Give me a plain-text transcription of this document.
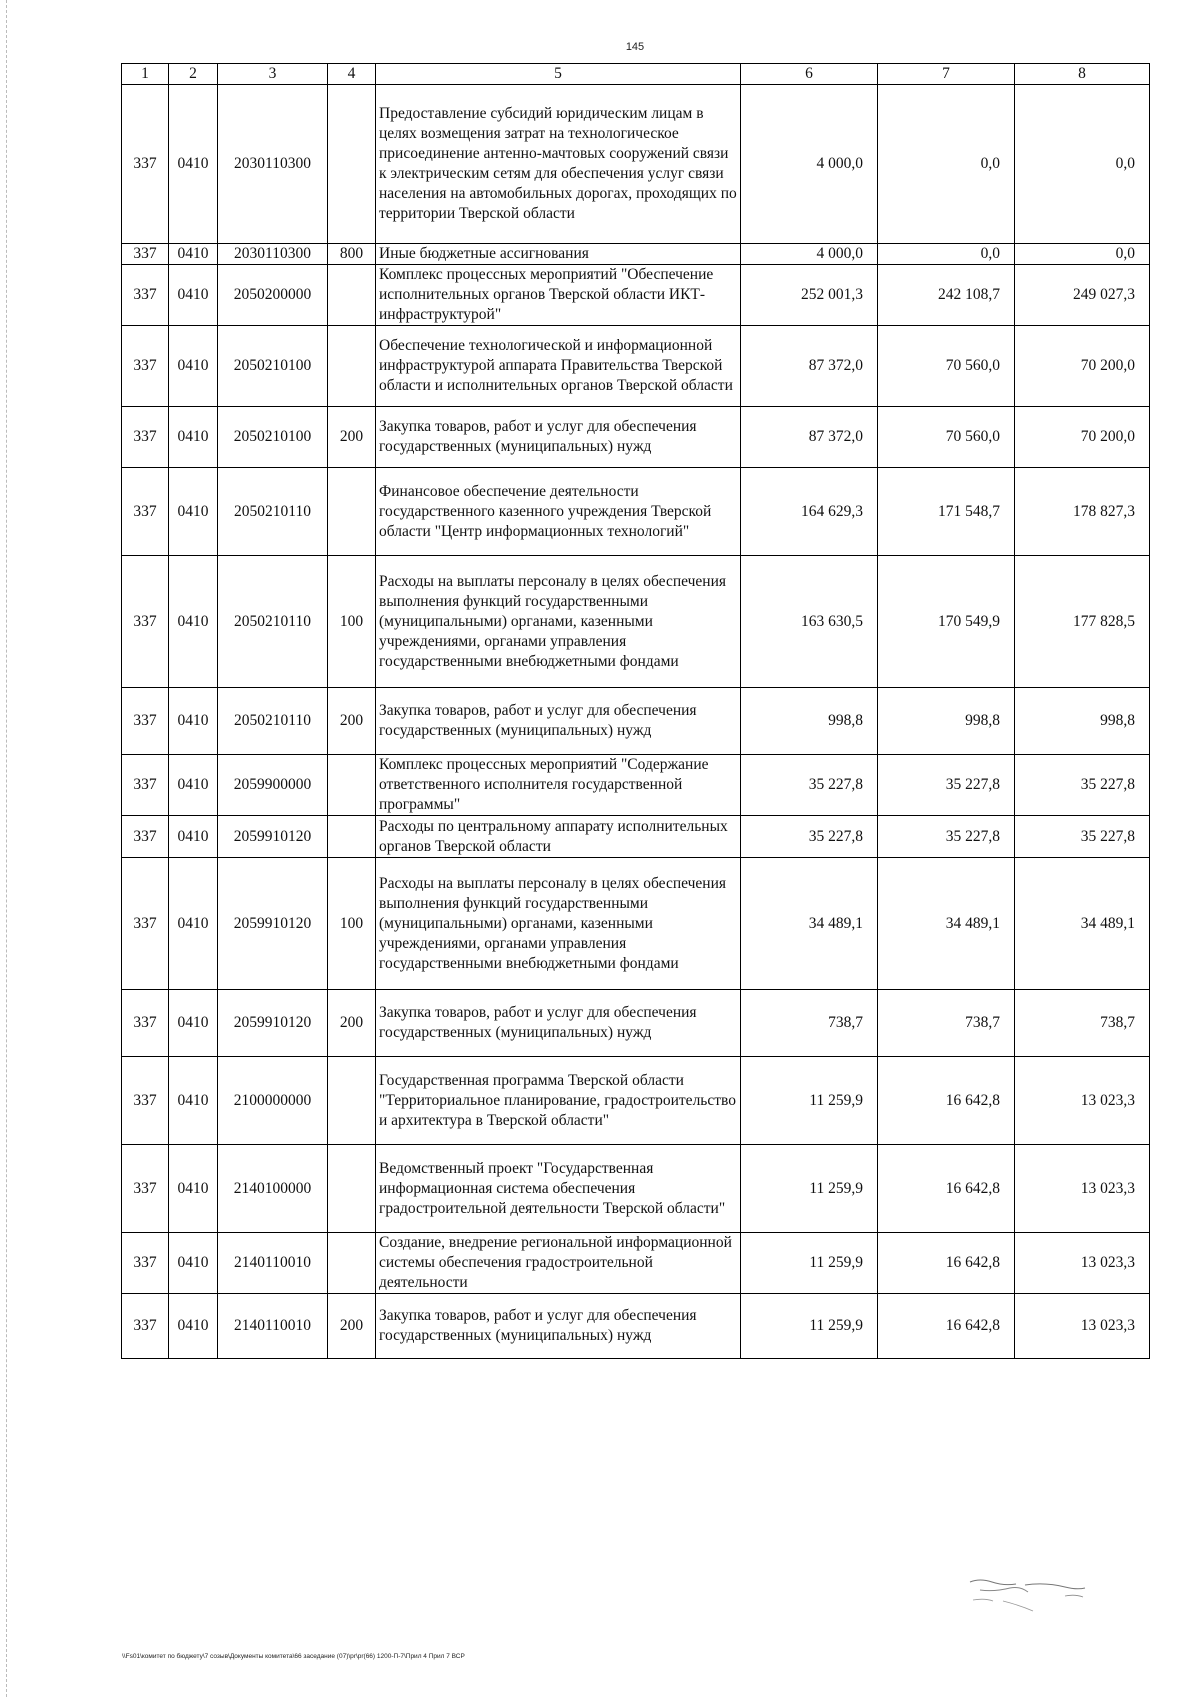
145
1	2	3	4	5	6	7	8
337	0410	2030110300		Предоставление субсидий юридическим лицам в целях возмещения затрат на технологическое присоединение антенно-мачтовых сооружений связи к электрическим сетям для обеспечения услуг связи населения на автомобильных дорогах, проходящих по территории Тверской области	4 000,0	0,0	0,0
337	0410	2030110300	800	Иные бюджетные ассигнования	4 000,0	0,0	0,0
337	0410	2050200000		Комплекс процессных мероприятий "Обеспечение исполнительных органов Тверской области ИКТ-инфраструктурой"	252 001,3	242 108,7	249 027,3
337	0410	2050210100		Обеспечение технологической и информационной инфраструктурой аппарата Правительства Тверской области и исполнительных органов Тверской области	87 372,0	70 560,0	70 200,0
337	0410	2050210100	200	Закупка товаров, работ и услуг для обеспечения государственных (муниципальных) нужд	87 372,0	70 560,0	70 200,0
337	0410	2050210110		Финансовое обеспечение деятельности государственного казенного учреждения Тверской области "Центр информационных технологий"	164 629,3	171 548,7	178 827,3
337	0410	2050210110	100	Расходы на выплаты персоналу в целях обеспечения выполнения функций государственными (муниципальными) органами, казенными учреждениями, органами управления государственными внебюджетными фондами	163 630,5	170 549,9	177 828,5
337	0410	2050210110	200	Закупка товаров, работ и услуг для обеспечения государственных (муниципальных) нужд	998,8	998,8	998,8
337	0410	2059900000		Комплекс процессных мероприятий "Содержание ответственного исполнителя государственной программы"	35 227,8	35 227,8	35 227,8
337	0410	2059910120		Расходы по центральному аппарату исполнительных органов Тверской области	35 227,8	35 227,8	35 227,8
337	0410	2059910120	100	Расходы на выплаты персоналу в целях обеспечения выполнения функций государственными (муниципальными) органами, казенными учреждениями, органами управления государственными внебюджетными фондами	34 489,1	34 489,1	34 489,1
337	0410	2059910120	200	Закупка товаров, работ и услуг для обеспечения государственных (муниципальных) нужд	738,7	738,7	738,7
337	0410	2100000000		Государственная программа Тверской области "Территориальное планирование, градостроительство и архитектура в Тверской области"	11 259,9	16 642,8	13 023,3
337	0410	2140100000		Ведомственный проект "Государственная информационная система обеспечения градостроительной деятельности Тверской области"	11 259,9	16 642,8	13 023,3
337	0410	2140110010		Создание, внедрение региональной информационной системы обеспечения градостроительной деятельности	11 259,9	16 642,8	13 023,3
337	0410	2140110010	200	Закупка товаров, работ и услуг для обеспечения государственных (муниципальных) нужд	11 259,9	16 642,8	13 023,3
\\Fs01\комитет по бюджету\7 созыв\Документы комитета\66 заседание (07)\pr\pr(66) 1200-П-7\Прил 4 Прил 7 ВСР
